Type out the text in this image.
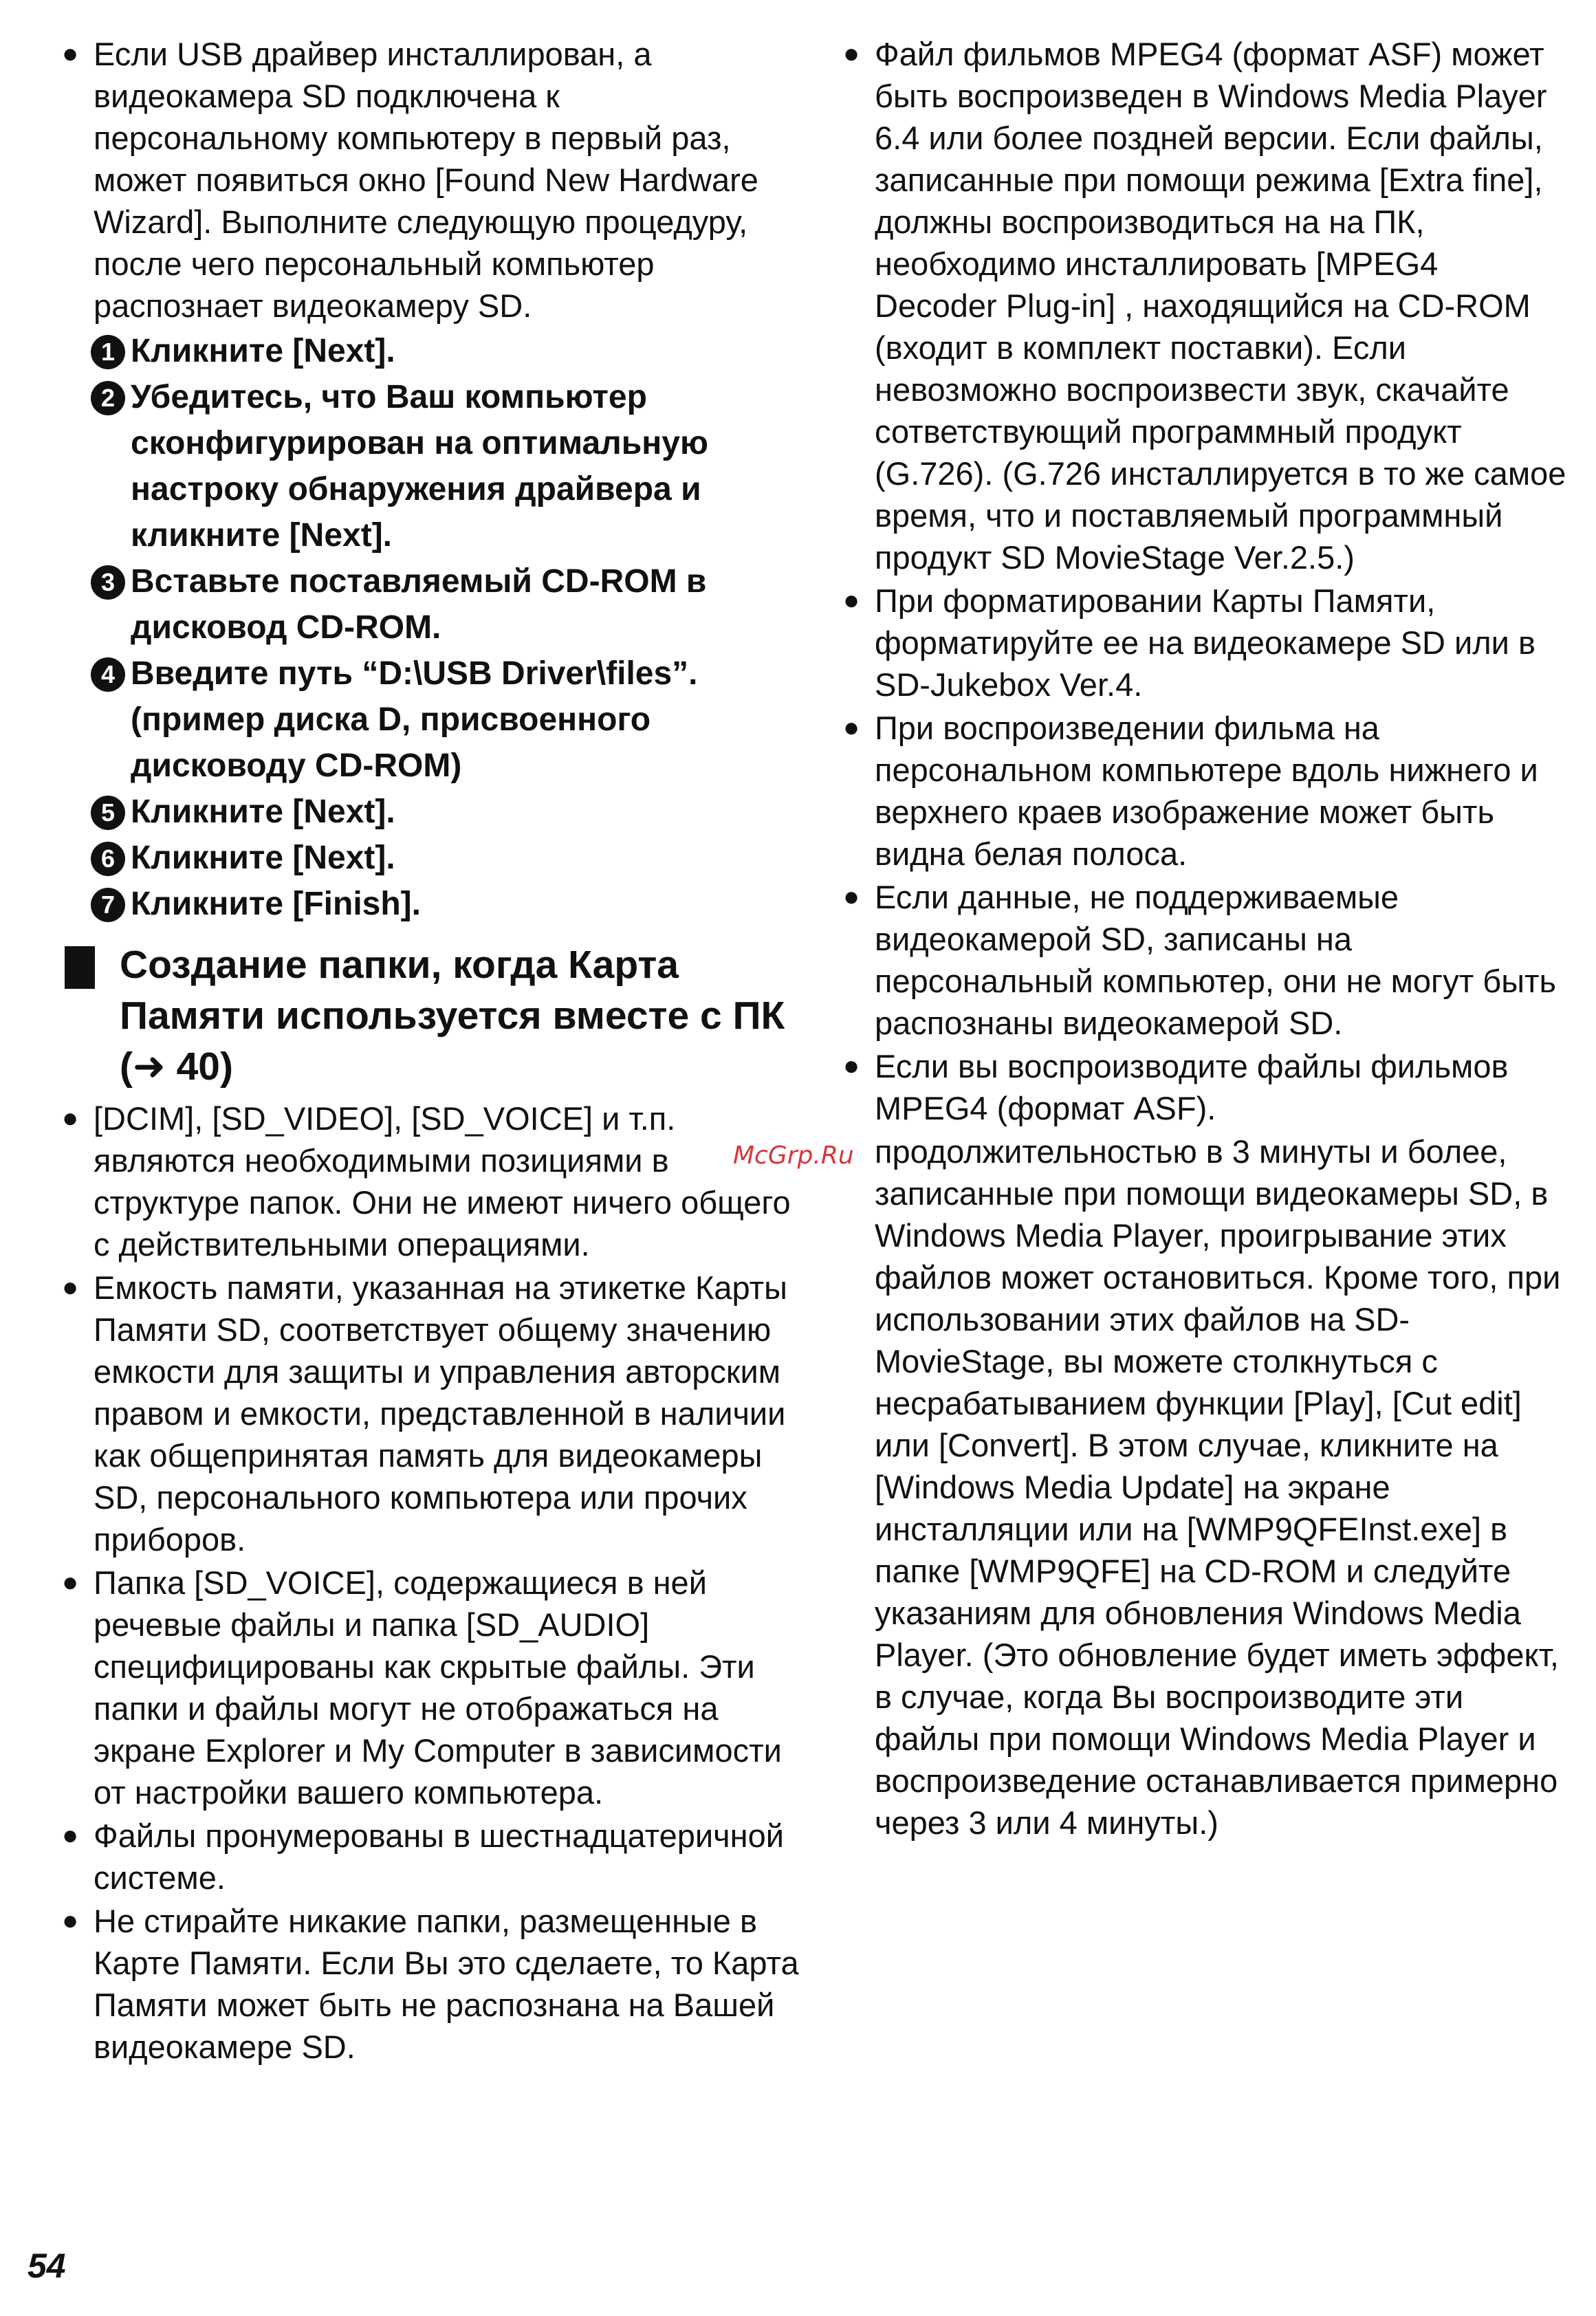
● Если USB драйвер инсталлирован, а видеокамера SD подключена к персональному компьютеру в первый раз, может появиться окно [Found New Hardware Wizard]. Выполните следующую процедуру, после чего персональный компьютер распознает видеокамеру SD.
1 Кликните [Next].
2 Убедитесь, что Ваш компьютер сконфигурирован на оптимальную настроку обнаружения драйвера и кликните [Next].
3 Вставьте поставляемый CD-ROM в дисковод CD-ROM.
4 Введите путь “D:\USB Driver\files”. (пример диска D, присвоенного дисководу CD-ROM)
5 Кликните [Next].
6 Кликните [Next].
7 Кликните [Finish].
Создание папки, когда Карта Памяти используется вместе с ПК (➜ 40)
● [DCIM], [SD_VIDEO], [SD_VOICE] и т.п. являются необходимыми позициями в структуре папок. Они не имеют ничего общего с действительными операциями.
● Емкость памяти, указанная на этикетке Карты Памяти SD, соответствует общему значению емкости для защиты и управления авторским правом и емкости, представленной в наличии как общепринятая память для видеокамеры SD, персонального компьютера или прочих приборов.
● Папка [SD_VOICE], содержащиеся в ней речевые файлы и папка [SD_AUDIO] специфицированы как скрытые файлы. Эти папки и файлы могут не отображаться на экране Explorer и My Computer в зависимости от настройки вашего компьютера.
● Файлы пронумерованы в шестнадцатеричной системе.
● Не стирайте никакие папки, размещенные в Карте Памяти. Если Вы это сделаете, то Карта Памяти может быть не распознана на Вашей видеокамере SD.
● Файл фильмов MPEG4 (формат ASF) может быть воспроизведен в Windows Media Player 6.4 или более поздней версии. Если файлы, записанные при помощи режима [Extra fine], должны воспроизводиться на на ПК, необходимо инсталлировать [MPEG4 Decoder Plug-in] , находящийся на CD-ROM (входит в комплект поставки). Если невозможно воспроизвести звук, скачайте сответствующий программный продукт (G.726). (G.726 инсталлируется в то же самое время, что и поставляемый программный продукт SD MovieStage Ver.2.5.)
● При форматировании Карты Памяти, форматируйте ее на видеокамере SD или в SD-Jukebox Ver.4.
● При воспроизведении фильма на персональном компьютере вдоль нижнего и верхнего краев изображение может быть видна белая полоса.
● Если данные, не поддерживаемые видеокамерой SD, записаны на персональный компьютер, они не могут быть распознаны видеокамерой SD.
● Если вы воспроизводите файлы фильмов MPEG4 (формат ASF).
продолжительностью в 3 минуты и более, записанные при помощи видеокамеры SD, в Windows Media Player, проигрывание этих файлов может остановиться. Кроме того, при использовании этих файлов на SD-MovieStage, вы можете столкнуться с несрабатыванием функции [Play], [Cut edit] или [Convert]. В этом случае, кликните на [Windows Media Update] на экране инсталляции или на [WMP9QFEInst.exe] в папке [WMP9QFE] на CD-ROM и следуйте указаниям для обновления Windows Media Player. (Это обновление будет иметь эффект, в случае, когда Вы воспроизводите эти файлы при помощи Windows Media Player и воспроизведение останавливается примерно через 3 или 4 минуты.)
McGrp.Ru
54
